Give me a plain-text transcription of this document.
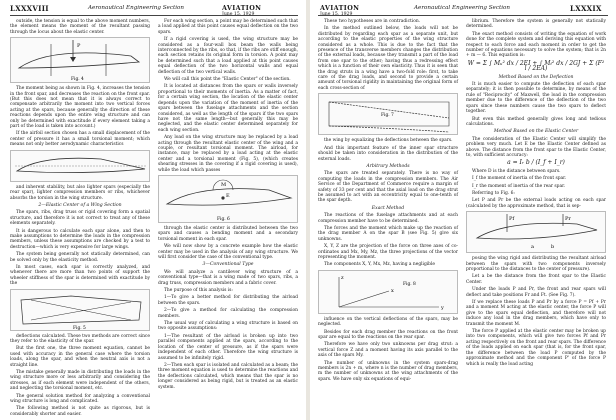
LXXXVIII	Aeronautical Engineering Section	AVIATION
June 15, 1929

outside, the tension is equal to the above moment numbers, the element means the moment of the resultant passing through the locus about the elastic center.

P
Fig. 4

The moment being as shown in Fig. 4, increases the tension in the front spar, and decreases the reaction on the front spar. (But this does not mean that it is always correct to compensate arbitrarily the moment into two vertical forces acting at the spars, because generally the direction of these reactions depends upon the entire wing structure and can only be determined with exactitude if every element taking a part of the load is taken into account.)

If the airfoil section chosen has a small displacement of the center of pressure it has a small torsional moment; which means not only better aerodynamic characteristics

and inherent stability, but also lighter spars (especially the rear spar), lighter compression members or ribs, whichever absorbs the torsion in the wing structure.

2—Elastic Center of a Wing Section

The spars, ribs, drag truss or rigid covering form a spatial structure, and therefore it is not correct to treat any of these elements separately.

It is dangerous to calculate each spar alone, and then to make assumptions to determine the loads in the compression members, unless these assumptions are checked by a test to destruction—which is very expensive for large wings.

The system being generally not statically determined, can be solved only by the elasticity method.

In most cases, each spar is correctly analyzed, and whenever there are more than two points of support the wheeler stiffness of the spar is determined with exactitude by the

Fig. 5

deflections calculated. These two methods are correct since they refer to the elasticity of the spar.

But the first one, the three moment equation, cannot be used with accuracy in the general case where the torsion loads, along the spar, and when the neutral axis is not a straight line.

The mistake generally made in distributing the loads in the wing structure more or less arbitrarily and considering the stresses, as if each element were independent of the others, and neglecting the torsional moment, etc.

The general solution method for analyzing a conventional wing structure is long and complicated.

The following method is not quite as rigorous, but is considerably shorter and easier.

For each wing section, a point may be determined such that a load applied at this point causes equal deflection on the two spars.

If a rigid covering is used, the wing structure may be considered as a four-wall box beam the walls being interconnected by the ribs, so that, if the ribs are stiff enough, each section retains its original form in torsion. A point may be determined such that a load applied at this point causes equal deflection of the two horizontal walls and equal deflection of the two vertical walls.

We will call this point the "Elastic Center" of the section.

It is located at distances from the spars or walls inversely proportional to their moments of inertia. As a matter of fact, for a certain wing section, the location of the elastic center depends upon the variation of the moment of inertia of the spars between the fuselage attachments and the section considered, as well as the length of the spars if the two spars have not the same length—but generally this may be neglected, and the elastic center determined separately for each wing section.

Any load on the wing structure may be replaced by a load acting through the resultant elastic center of the wing and a couple, or resultant torsional moment. The airload, for instance, may be replaced by a load acting at the elastic center and a torsional moment (Fig. 5), (which creates shearing stresses in the covering if a rigid covering is used), while the load which passes

E
M
Fig. 6

through the elastic center is distributed between the two spars and causes a bending moment and a secondary torsional moment in each spar.

We will now show by a concrete example how the elastic center may be used in the analysis of any wing structure. We will first consider the case of the conventional type.

3—Conventional Type

We will analyze a cantilever wing structure of a conventional type—that is a wing made of two spars, ribs, a drag truss, compression members and a fabric cover.

The purpose of this analysis is:

1—To give a better method for distributing the airload between the spars.

2—To give a method for calculating the compression members.

The usual way of calculating a wing structure is based on two opposite assumptions:

1—The resultant of the airload is broken up into two parallel components applied at the spars, according to the location of the center of pressure, as if the spars were independent of each other. Therefore the wing structure is assumed to be infinitely rigid.

2—Then each spar is isolated and calculated as a beam; the three moment equation is used to determine the reactions and the deflections calculated, which means that the spar is no longer considered as being rigid, but is treated as an elastic system.

AVIATION
June 15, 1929
Aeronautical Engineering Section	LXXXIX

These two hypotheses are in contradiction.

In the method outlined below, the loads will not be distributed by regarding each spar as a separate unit, but according to the elastic properties of the wing structure considered as a whole. This is due to the fact that the presence of the transverse members changes the distribution of the external loads, because they transmit a part of the load from one spar to the other; having thus a redressing effect which is a function of their own elasticity. Thus it is seen that the drag struts in a wing have a two-fold role: first, to take care of the drag loads, and second to provide a certain amount of torsional rigidity in maintaining the original form of each cross-section of

Fig. 7

the wing by equalizing the deflections between the spars.

And this important feature of the inner spar structure should be taken into consideration in the distribution of the external loads.

Arbitrary Methods

The spars are treated separately. There is no way of computing the loads in the compression members. The Air Service of the Department of Commerce require a margin of safety of 33 per cent and that the axial load on the drag strut be assumed to act with an eccentricity equal to one-tenth of the spar depth.

Exact Method

The reactions of the fuselage attachments and at each compression member have to be determined.

The forces and the moment which make up the reaction of the drag member A on the spar B (see Fig. 5) give six unknowns.

X, Y, Z are the projection of the force on three axes of co-ordinates and Mx, My, Mz, the three projections of the vector representing the moment.

The components X, Y, Mx, Mz, having a negligible

x
y
z
Fig. 8

influence on the vertical deflections of the spars, may be neglected.

Besides for each drag member the reactions on the front spar are equal to the reactions on the rear spar.

Therefore we have only two unknowns per drag strut: a vertical force Z and a moment having its axis parallel to the axis of the spars My.

The number of unknowns in the system spars-drag members is 2n + m, where n is the number of drag members, m the number of unknowns at the wing attachments of the spars. We have only six equations of equi-

librium. Therefore the system is generally not statically determined.

The exact method consists of writing the equation of work done for the complete system and deriving this equation with respect to each force and each moment in order to get the number of equations necessary to solve the system; that is 2n + m — 6. This equation is:

W = Σ ∫ Mᵤ² dx / 2EI + ∫ Mₜ² dx / 2GJ + Σ (F² l / 2EA)
Method Based on the Deflection

It is much easier to compute the deflection of each spar separately; it is then possible to determine, by means of the rule of "Reciprocity" of Maxwell, the load in the compression member due to the difference of the deflection of the two spars since these numbers cause the two spars to deflect together.

But even this method generally gives long and tedious calculations.

Method Based on the Elastic Center

The consideration of the Elastic Center will simplify the problem very much. Let E be the Elastic Center defined as above. The distance from the front spar to the Elastic Center, to, with sufficient accuracy:

a = Iᵣ b / (I_f + I_r)

Where D is the distance between spars.

I_f the moment of inertia of the front spar.

I_r the moment of inertia of the rear spar.

Referring to Fig. 6:

Let P and Pr be the external loads acting on each spar (calculated by the approximate method, that is sep-

Pf	Pr
a	b

posing the wing rigid and distributing the resultant airload between the spars with two components inversely proportional to the distances to the center of pressure).

Let a be the distance from the front spar to the Elastic Center.

Under the loads P and Pr, the front and rear spars will deflect and take positions Fr and Ft. (See Fig. 7).

If we replace these loads P and Pr by a force P = Pf + Pr and a moment M acting at the elastic center, the force P will give to the spars equal deflection, and therefore will not induce any load in the drag members, which have only to transmit the moment M.

The force P applied at the elastic center may be broken up into two components, which will give two forces Pf and Pr acting respectively on the front and rear spars. The difference of the loads applied on each spar (that is, for the front spar, the difference between the load P computed by the approximate method and the component P' of the force P which is really the load acting
